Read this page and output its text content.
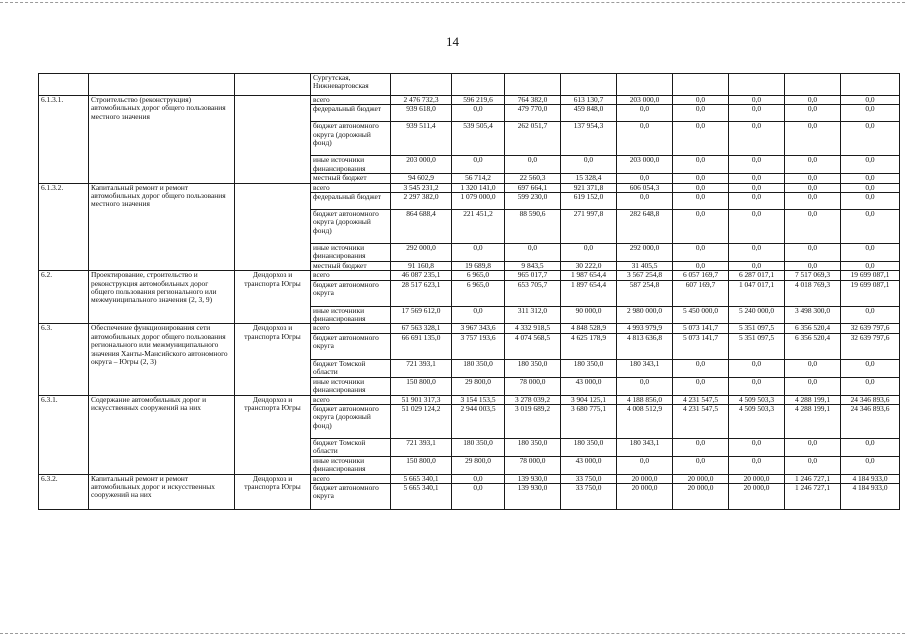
14
			Сургутская, Нижневартовская									
6.1.3.1.	Строительство (реконструкция) автомобильных дорог общего пользования местного значения		всего	2 476 732,3	596 219,6	764 382,0	613 130,7	203 000,0	0,0	0,0	0,0	0,0
			федеральный бюджет	939 618,0	0,0	479 770,0	459 848,0	0,0	0,0	0,0	0,0	0,0
			бюджет автономного округа (дорожный фонд)	939 511,4	539 505,4	262 051,7	137 954,3	0,0	0,0	0,0	0,0	0,0
			иные источники финансирования	203 000,0	0,0	0,0	0,0	203 000,0	0,0	0,0	0,0	0,0
			местный бюджет	94 602,9	56 714,2	22 560,3	15 328,4	0,0	0,0	0,0	0,0	0,0
6.1.3.2.	Капитальный ремонт и ремонт автомобильных дорог общего пользования местного значения		всего	3 545 231,2	1 320 141,0	697 664,1	921 371,8	606 054,3	0,0	0,0	0,0	0,0
			федеральный бюджет	2 297 382,0	1 079 000,0	599 230,0	619 152,0	0,0	0,0	0,0	0,0	0,0
			бюджет автономного округа (дорожный фонд)	864 688,4	221 451,2	88 590,6	271 997,8	282 648,8	0,0	0,0	0,0	0,0
			иные источники финансирования	292 000,0	0,0	0,0	0,0	292 000,0	0,0	0,0	0,0	0,0
			местный бюджет	91 160,8	19 689,8	9 843,5	30 222,0	31 405,5	0,0	0,0	0,0	0,0
6.2.	Проектирование, строительство и реконструкция автомобильных дорог общего пользования регионального или межмуниципального значения (2, 3, 9)	Дендорхоз и транспорта Югры	всего	46 087 235,1	6 965,0	965 017,7	1 987 654,4	3 567 254,8	6 057 169,7	6 287 017,1	7 517 069,3	19 699 087,1
			бюджет автономного округа	28 517 623,1	6 965,0	653 705,7	1 897 654,4	587 254,8	607 169,7	1 047 017,1	4 018 769,3	19 699 087,1
			иные источники финансирования	17 569 612,0	0,0	311 312,0	90 000,0	2 980 000,0	5 450 000,0	5 240 000,0	3 498 300,0	0,0
6.3.	Обеспечение функционирования сети автомобильных дорог общего пользования регионального или межмуниципального значения Ханты-Мансийского автономного округа – Югры (2, 3)	Дендорхоз и транспорта Югры	всего	67 563 328,1	3 967 343,6	4 332 918,5	4 848 528,9	4 993 979,9	5 073 141,7	5 351 097,5	6 356 520,4	32 639 797,6
			бюджет автономного округа	66 691 135,0	3 757 193,6	4 074 568,5	4 625 178,9	4 813 636,8	5 073 141,7	5 351 097,5	6 356 520,4	32 639 797,6
			бюджет Томской области	721 393,1	180 350,0	180 350,0	180 350,0	180 343,1	0,0	0,0	0,0	0,0
			иные источники финансирования	150 800,0	29 800,0	78 000,0	43 000,0	0,0	0,0	0,0	0,0	0,0
6.3.1.	Содержание автомобильных дорог и искусственных сооружений на них	Дендорхоз и транспорта Югры	всего	51 901 317,3	3 154 153,5	3 278 039,2	3 904 125,1	4 188 856,0	4 231 547,5	4 509 503,3	4 288 199,1	24 346 893,6
			бюджет автономного округа (дорожный фонд)	51 029 124,2	2 944 003,5	3 019 689,2	3 680 775,1	4 008 512,9	4 231 547,5	4 509 503,3	4 288 199,1	24 346 893,6
			бюджет Томской области	721 393,1	180 350,0	180 350,0	180 350,0	180 343,1	0,0	0,0	0,0	0,0
			иные источники финансирования	150 800,0	29 800,0	78 000,0	43 000,0	0,0	0,0	0,0	0,0	0,0
6.3.2.	Капитальный ремонт и ремонт автомобильных дорог и искусственных сооружений на них	Дендорхоз и транспорта Югры	всего	5 665 340,1	0,0	139 930,0	33 750,0	20 000,0	20 000,0	20 000,0	1 246 727,1	4 184 933,0
			бюджет автономного округа	5 665 340,1	0,0	139 930,0	33 750,0	20 000,0	20 000,0	20 000,0	1 246 727,1	4 184 933,0
